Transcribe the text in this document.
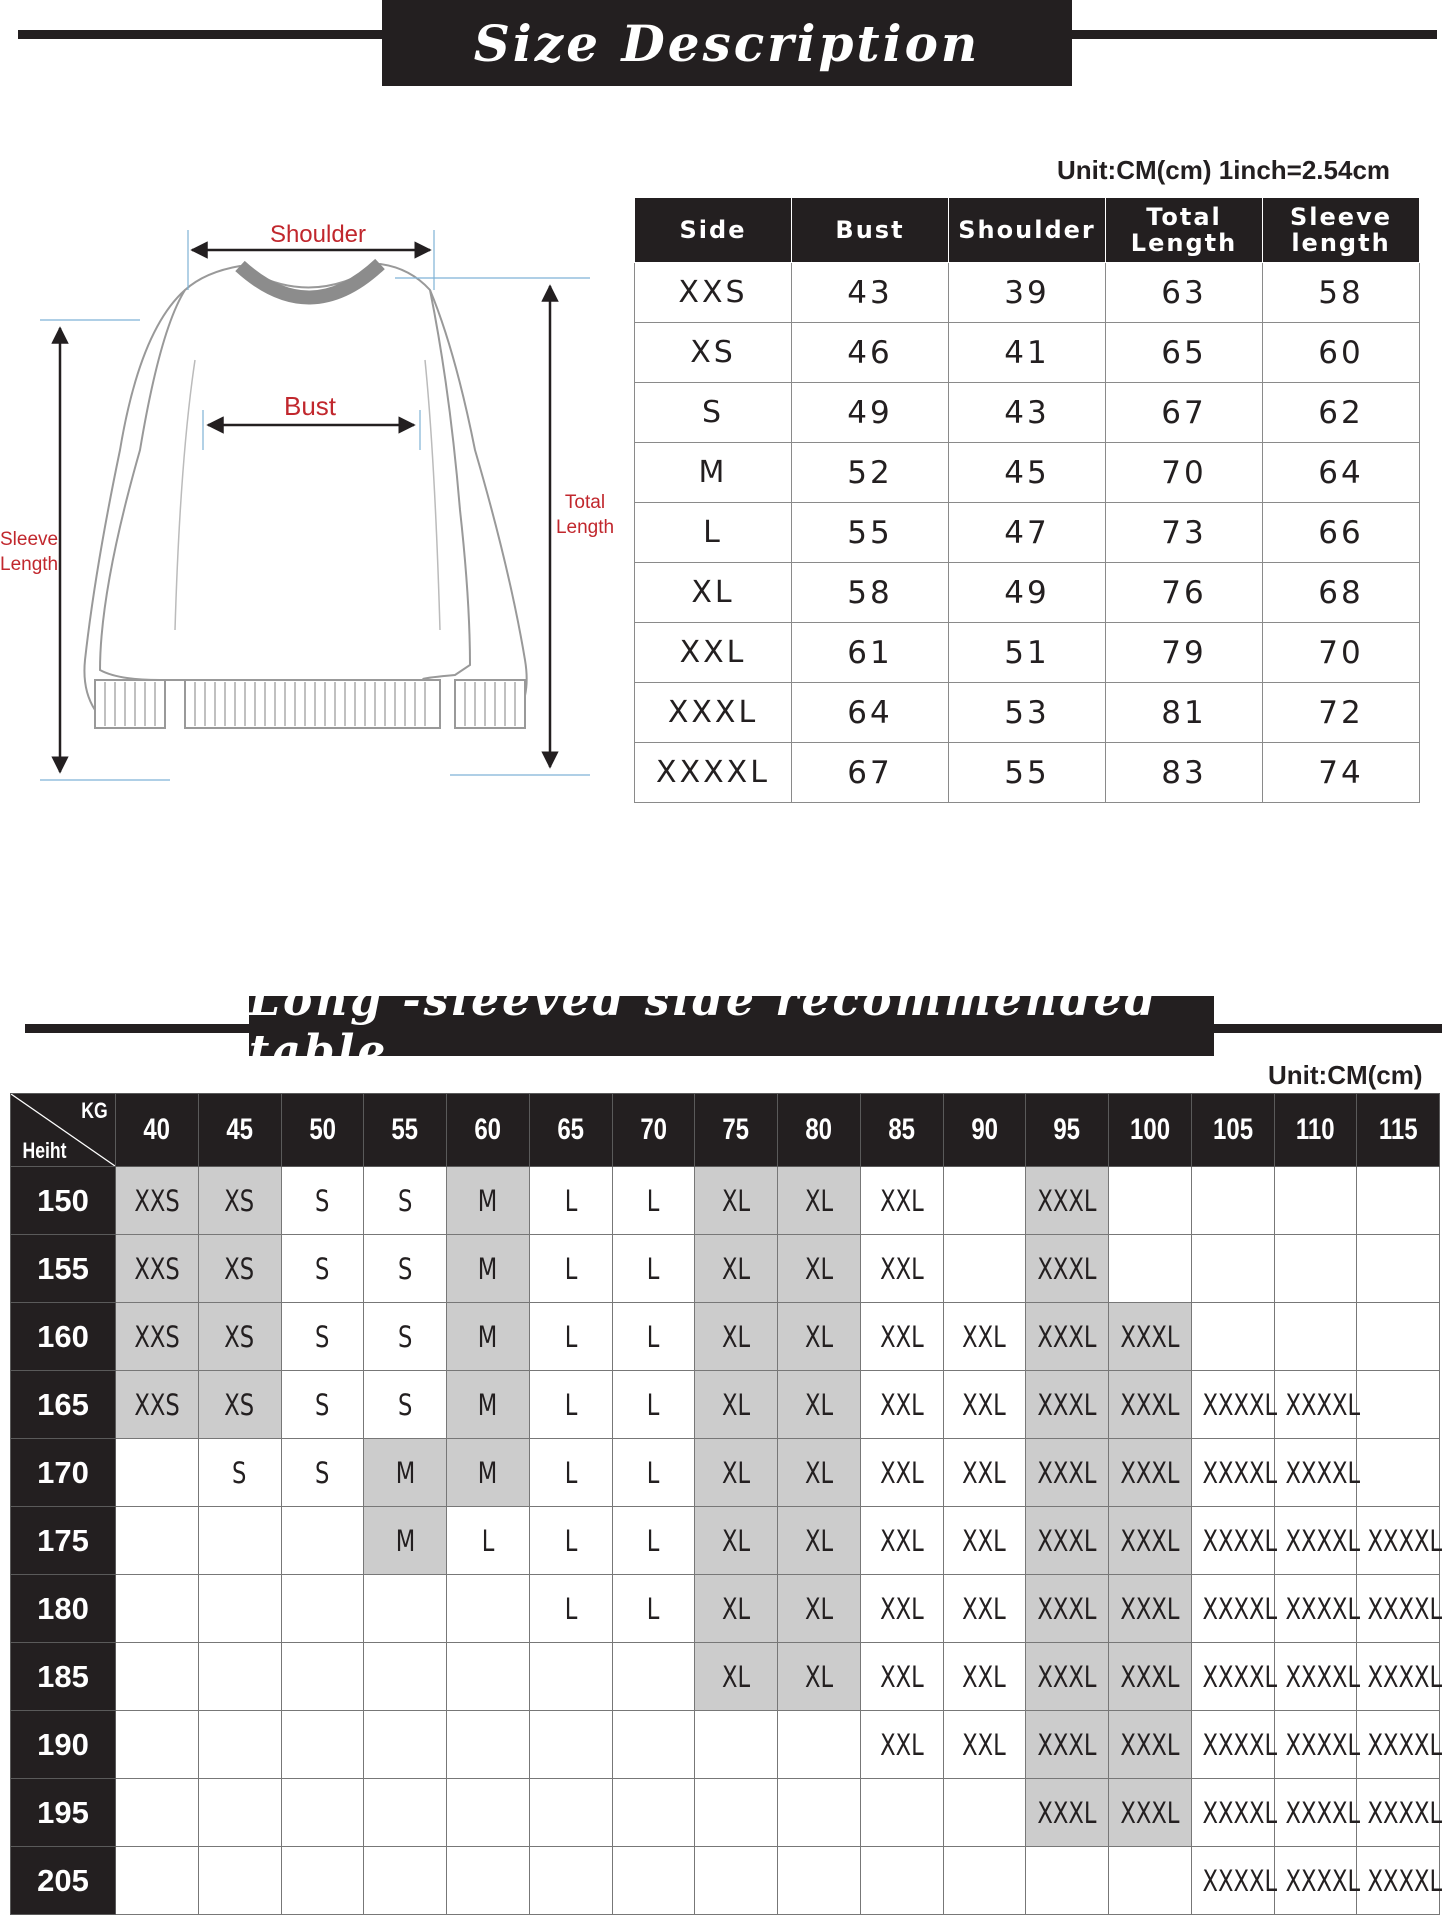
Size Description
Unit:CM(cm) 1inch=2.54cm
Shoulder
Bust
Sleeve
Length
Total
Length
Side	Bust	Shoulder	Total Length	Sleeve length
XXS	43	39	63	58
XS	46	41	65	60
S	49	43	67	62
M	52	45	70	64
L	55	47	73	66
XL	58	49	76	68
XXL	61	51	79	70
XXXL	64	53	81	72
XXXXL	67	55	83	74
Long -sleeved side recommended table	Unit:CM(cm)
KG
Heiht	40	45	50	55	60	65	70	75	80	85	90	95	100	105	110	115
150	XXS	XS	S	S	M	L	L	XL	XL	XXL		XXXL				
155	XXS	XS	S	S	M	L	L	XL	XL	XXL		XXXL				
160	XXS	XS	S	S	M	L	L	XL	XL	XXL	XXL	XXXL	XXXL			
165	XXS	XS	S	S	M	L	L	XL	XL	XXL	XXL	XXXL	XXXL	XXXXL	XXXXL	
170		S	S	M	M	L	L	XL	XL	XXL	XXL	XXXL	XXXL	XXXXL	XXXXL	
175				M	L	L	L	XL	XL	XXL	XXL	XXXL	XXXL	XXXXL	XXXXL	XXXXL
180						L	L	XL	XL	XXL	XXL	XXXL	XXXL	XXXXL	XXXXL	XXXXL
185								XL	XL	XXL	XXL	XXXL	XXXL	XXXXL	XXXXL	XXXXL
190										XXL	XXL	XXXL	XXXL	XXXXL	XXXXL	XXXXL
195												XXXL	XXXL	XXXXL	XXXXL	XXXXL
205														XXXXL	XXXXL	XXXXL
